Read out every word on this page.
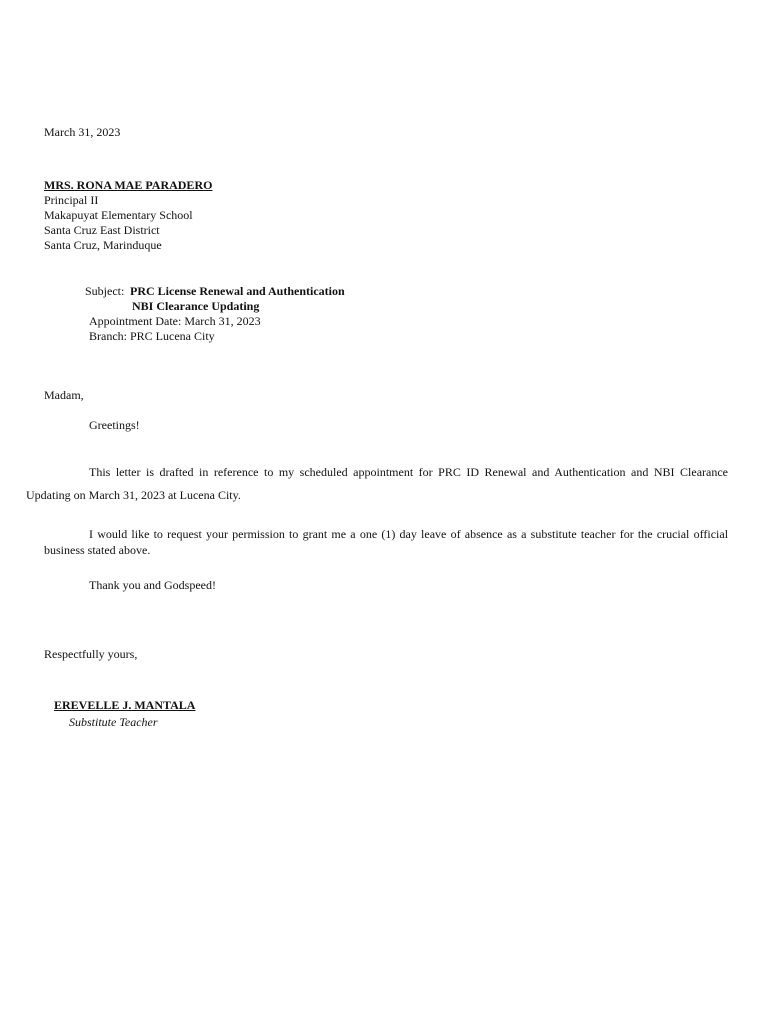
March 31, 2023
MRS. RONA MAE PARADERO
Principal II
Makapuyat Elementary School
Santa Cruz East District
Santa Cruz, Marinduque
Subject: PRC License Renewal and Authentication
NBI Clearance Updating
Appointment Date: March 31, 2023
Branch: PRC Lucena City
Madam,
Greetings!
This letter is drafted in reference to my scheduled appointment for PRC ID Renewal and Authentication and NBI Clearance
Updating on March 31, 2023 at Lucena City.
I would like to request your permission to grant me a one (1) day leave of absence as a substitute teacher for the crucial official
business stated above.
Thank you and Godspeed!
Respectfully yours,
EREVELLE J. MANTALA
Substitute Teacher
